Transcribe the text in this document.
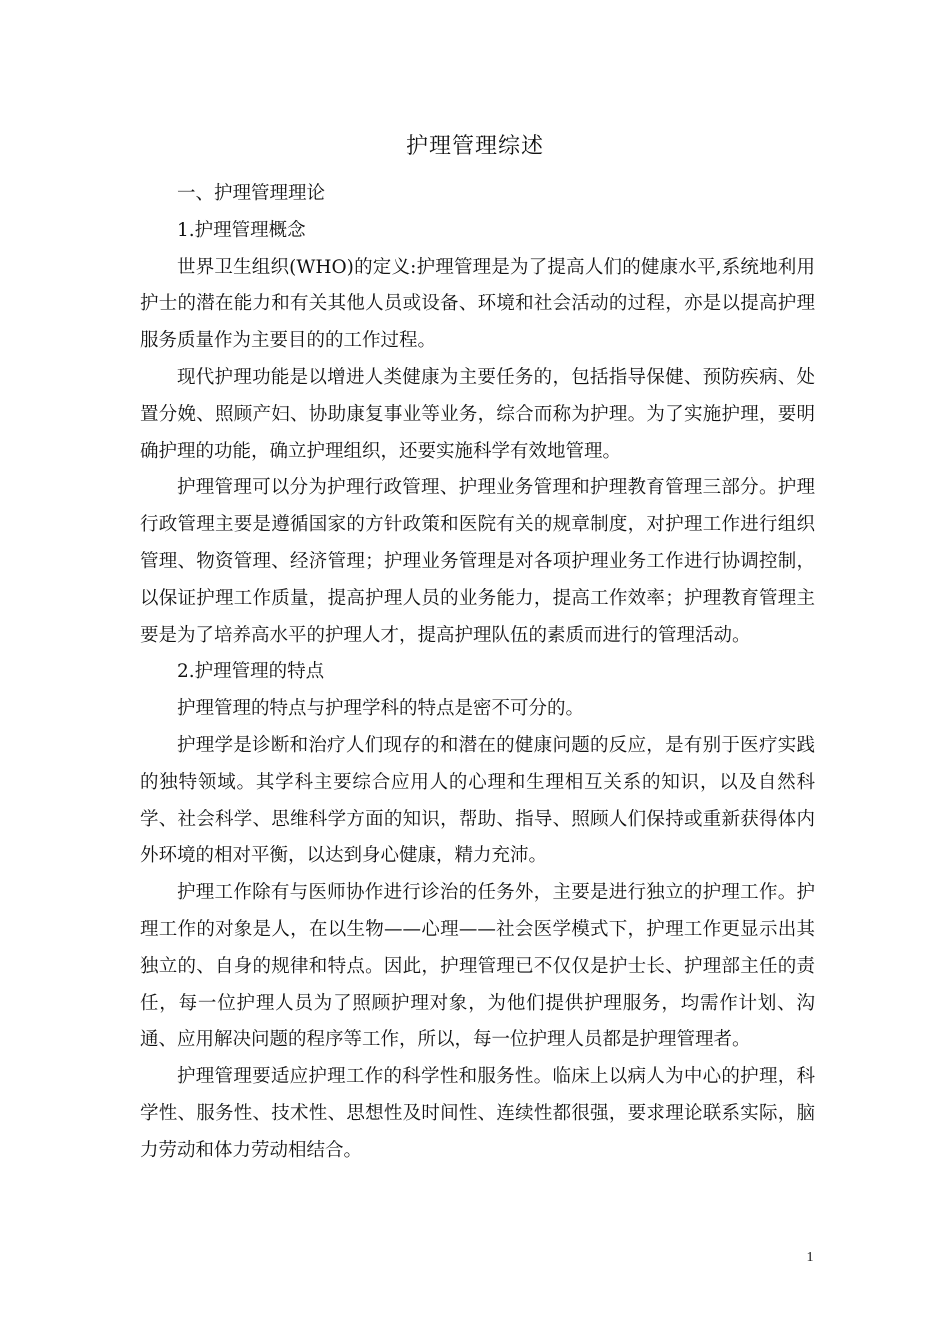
护理管理综述

一、护理管理理论

1.护理管理概念

世界卫生组织(WHO)的定义:护理管理是为了提高人们的健康水平,系统地利用护士的潜在能力和有关其他人员或设备、环境和社会活动的过程，亦是以提高护理服务质量作为主要目的的工作过程。

现代护理功能是以增进人类健康为主要任务的，包括指导保健、预防疾病、处置分娩、照顾产妇、协助康复事业等业务，综合而称为护理。为了实施护理，要明确护理的功能，确立护理组织，还要实施科学有效地管理。

护理管理可以分为护理行政管理、护理业务管理和护理教育管理三部分。护理行政管理主要是遵循国家的方针政策和医院有关的规章制度，对护理工作进行组织管理、物资管理、经济管理；护理业务管理是对各项护理业务工作进行协调控制，以保证护理工作质量，提高护理人员的业务能力，提高工作效率；护理教育管理主要是为了培养高水平的护理人才，提高护理队伍的素质而进行的管理活动。

2.护理管理的特点

护理管理的特点与护理学科的特点是密不可分的。

护理学是诊断和治疗人们现存的和潜在的健康问题的反应，是有别于医疗实践的独特领域。其学科主要综合应用人的心理和生理相互关系的知识，以及自然科学、社会科学、思维科学方面的知识，帮助、指导、照顾人们保持或重新获得体内外环境的相对平衡，以达到身心健康，精力充沛。

护理工作除有与医师协作进行诊治的任务外，主要是进行独立的护理工作。护理工作的对象是人，在以生物——心理——社会医学模式下，护理工作更显示出其独立的、自身的规律和特点。因此，护理管理已不仅仅是护士长、护理部主任的责任，每一位护理人员为了照顾护理对象，为他们提供护理服务，均需作计划、沟通、应用解决问题的程序等工作，所以，每一位护理人员都是护理管理者。

护理管理要适应护理工作的科学性和服务性。临床上以病人为中心的护理，科学性、服务性、技术性、思想性及时间性、连续性都很强，要求理论联系实际，脑力劳动和体力劳动相结合。

1
